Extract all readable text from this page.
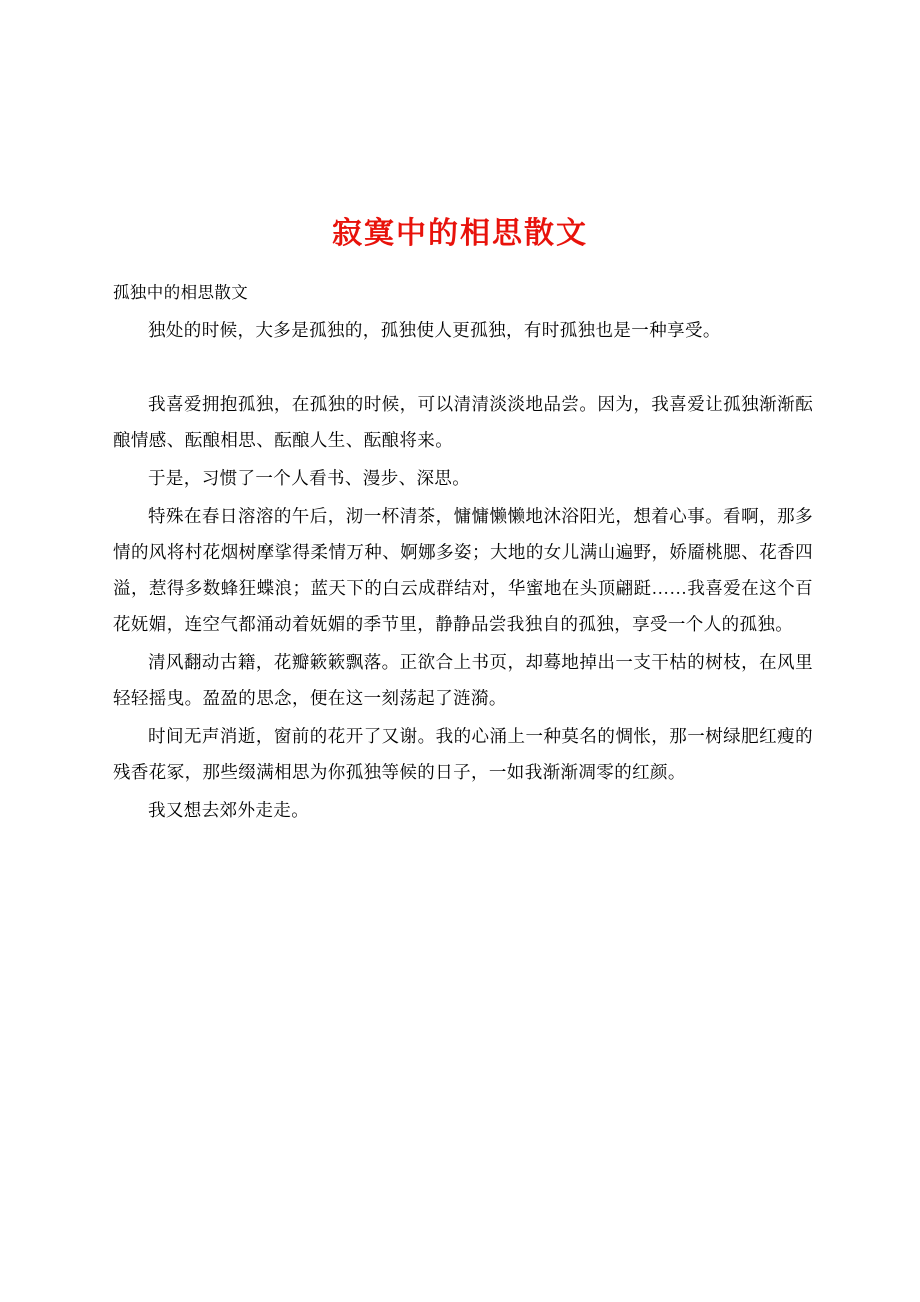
寂寞中的相思散文

孤独中的相思散文

独处的时候，大多是孤独的，孤独使人更孤独，有时孤独也是一种享受。

我喜爱拥抱孤独，在孤独的时候，可以清清淡淡地品尝。因为，我喜爱让孤独渐渐酝酿情感、酝酿相思、酝酿人生、酝酿将来。

于是，习惯了一个人看书、漫步、深思。

特殊在春日溶溶的午后，沏一杯清茶，慵慵懒懒地沐浴阳光，想着心事。看啊，那多情的风将村花烟树摩挲得柔情万种、婀娜多姿；大地的女儿满山遍野，娇靥桃腮、花香四溢，惹得多数蜂狂蝶浪；蓝天下的白云成群结对，华蜜地在头顶翩跹……我喜爱在这个百花妩媚，连空气都涌动着妩媚的季节里，静静品尝我独自的孤独，享受一个人的孤独。

清风翻动古籍，花瓣簌簌飘落。正欲合上书页，却蓦地掉出一支干枯的树枝，在风里轻轻摇曳。盈盈的思念，便在这一刻荡起了涟漪。

时间无声消逝，窗前的花开了又谢。我的心涌上一种莫名的惆怅，那一树绿肥红瘦的残香花冢，那些缀满相思为你孤独等候的日子，一如我渐渐凋零的红颜。

我又想去郊外走走。
